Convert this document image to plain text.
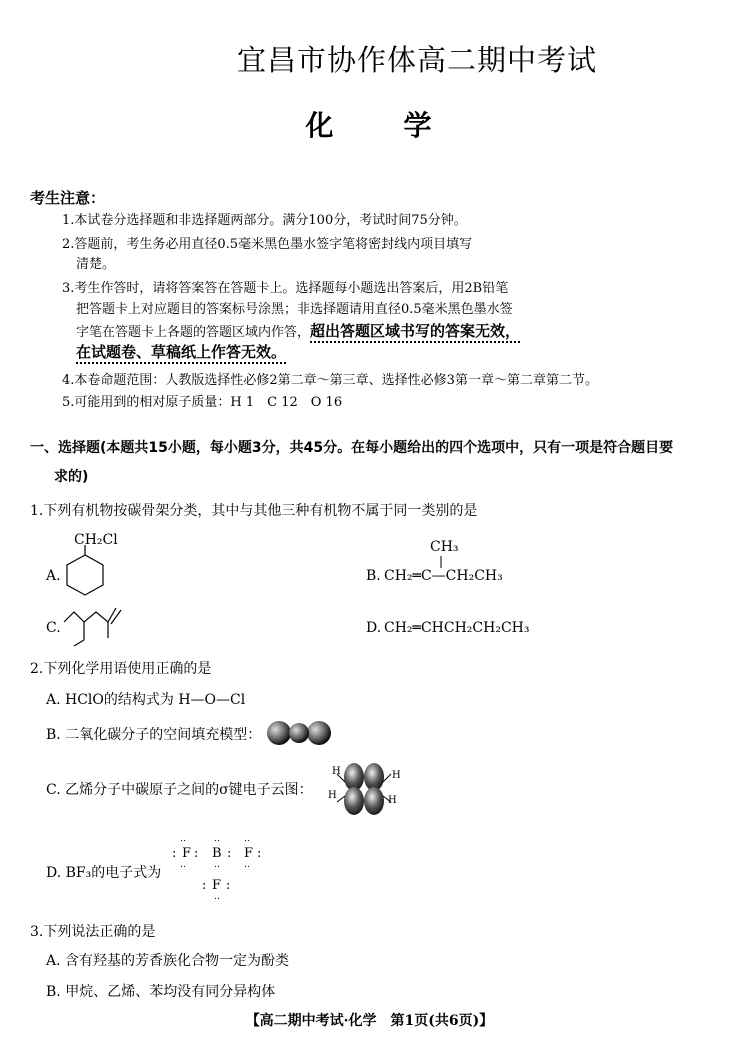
宜昌市协作体高二期中考试
化 学
考生注意：
1.本试卷分选择题和非选择题两部分。满分100分，考试时间75分钟。
2.答题前，考生务必用直径0.5毫米黑色墨水签字笔将密封线内项目填写
清楚。
3.考生作答时，请将答案答在答题卡上。选择题每小题选出答案后，用2B铅笔
把答题卡上对应题目的答案标号涂黑；非选择题请用直径0.5毫米黑色墨水签
字笔在答题卡上各题的答题区域内作答，超出答题区域书写的答案无效，
在试题卷、草稿纸上作答无效。
4.本卷命题范围：人教版选择性必修2第二章～第三章、选择性必修3第一章～第二章第二节。
5.可能用到的相对原子质量：H 1　C 12　O 16
一、选择题(本题共15小题，每小题3分，共45分。在每小题给出的四个选项中，只有一项是符合题目要
求的)
1.下列有机物按碳骨架分类，其中与其他三种有机物不属于同一类别的是
A.
CH₂Cl
B.
CH₃
CH₂═C—CH₂CH₃
C.	D. CH₂═CHCH₂CH₂CH₃
2.下列化学用语使用正确的是
A. HClO的结构式为 H—O—Cl
B. 二氧化碳分子的空间填充模型：
C. 乙烯分子中碳原子之间的σ键电子云图：
H	H
H	H
D. BF₃的电子式为
‥
: F :
‥
B
‥
:
‥
F :
‥
‥
: F :
‥
3.下列说法正确的是
A. 含有羟基的芳香族化合物一定为酚类
B. 甲烷、乙烯、苯均没有同分异构体
【高二期中考试·化学　第1页(共6页)】
